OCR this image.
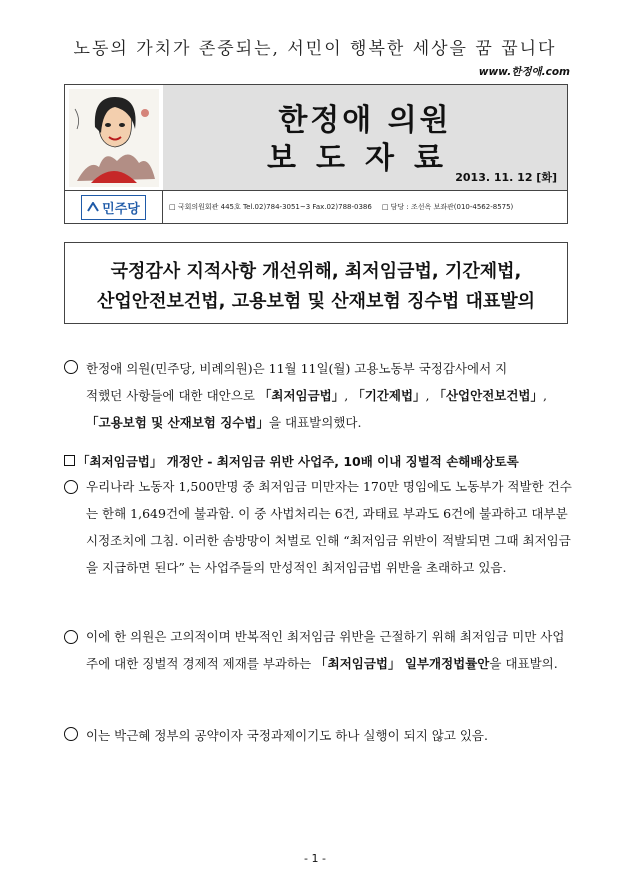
노동의 가치가 존중되는, 서민이 행복한 세상을 꿈 꿉니다
www.한정애.com
민주당
한정애 의원
보도자료
2013. 11. 12 [화]
□ 국회의원회관 445호 Tel.02)784-3051~3 Fax.02)788-0386 □ 담당 : 조선옥 보좌관(010-4562-8575)
국정감사 지적사항 개선위해, 최저임금법, 기간제법,
산업안전보건법, 고용보험 및 산재보험 징수법 대표발의
한정애 의원(민주당, 비례의원)은 11월 11일(월) 고용노동부 국정감사에서 지

적했던 사항들에 대한 대안으로 「최저임금법」, 「기간제법」, 「산업안전보건법」, 「고용보험 및 산재보험 징수법」을 대표발의했다.
「최저임금법」 개정안 - 최저임금 위반 사업주, 10배 이내 징벌적 손해배상토록
우리나라 노동자 1,500만명 중 최저임금 미만자는 170만 명임에도 노동부가 적발한 건수는 한해 1,649건에 불과함. 이 중 사법처리는 6건, 과태료 부과도 6건에 불과하고 대부분 시정조치에 그침. 이러한 솜방망이 처벌로 인해 “최저임금 위반이 적발되면 그때 최저임금을 지급하면 된다” 는 사업주들의 만성적인 최저임금법 위반을 초래하고 있음.
이에 한 의원은 고의적이며 반복적인 최저임금 위반을 근절하기 위해 최저임금 미만 사업주에 대한 징벌적 경제적 제재를 부과하는 「최저임금법」 일부개정법률안을 대표발의.
이는 박근혜 정부의 공약이자 국정과제이기도 하나 실행이 되지 않고 있음.
- 1 -
